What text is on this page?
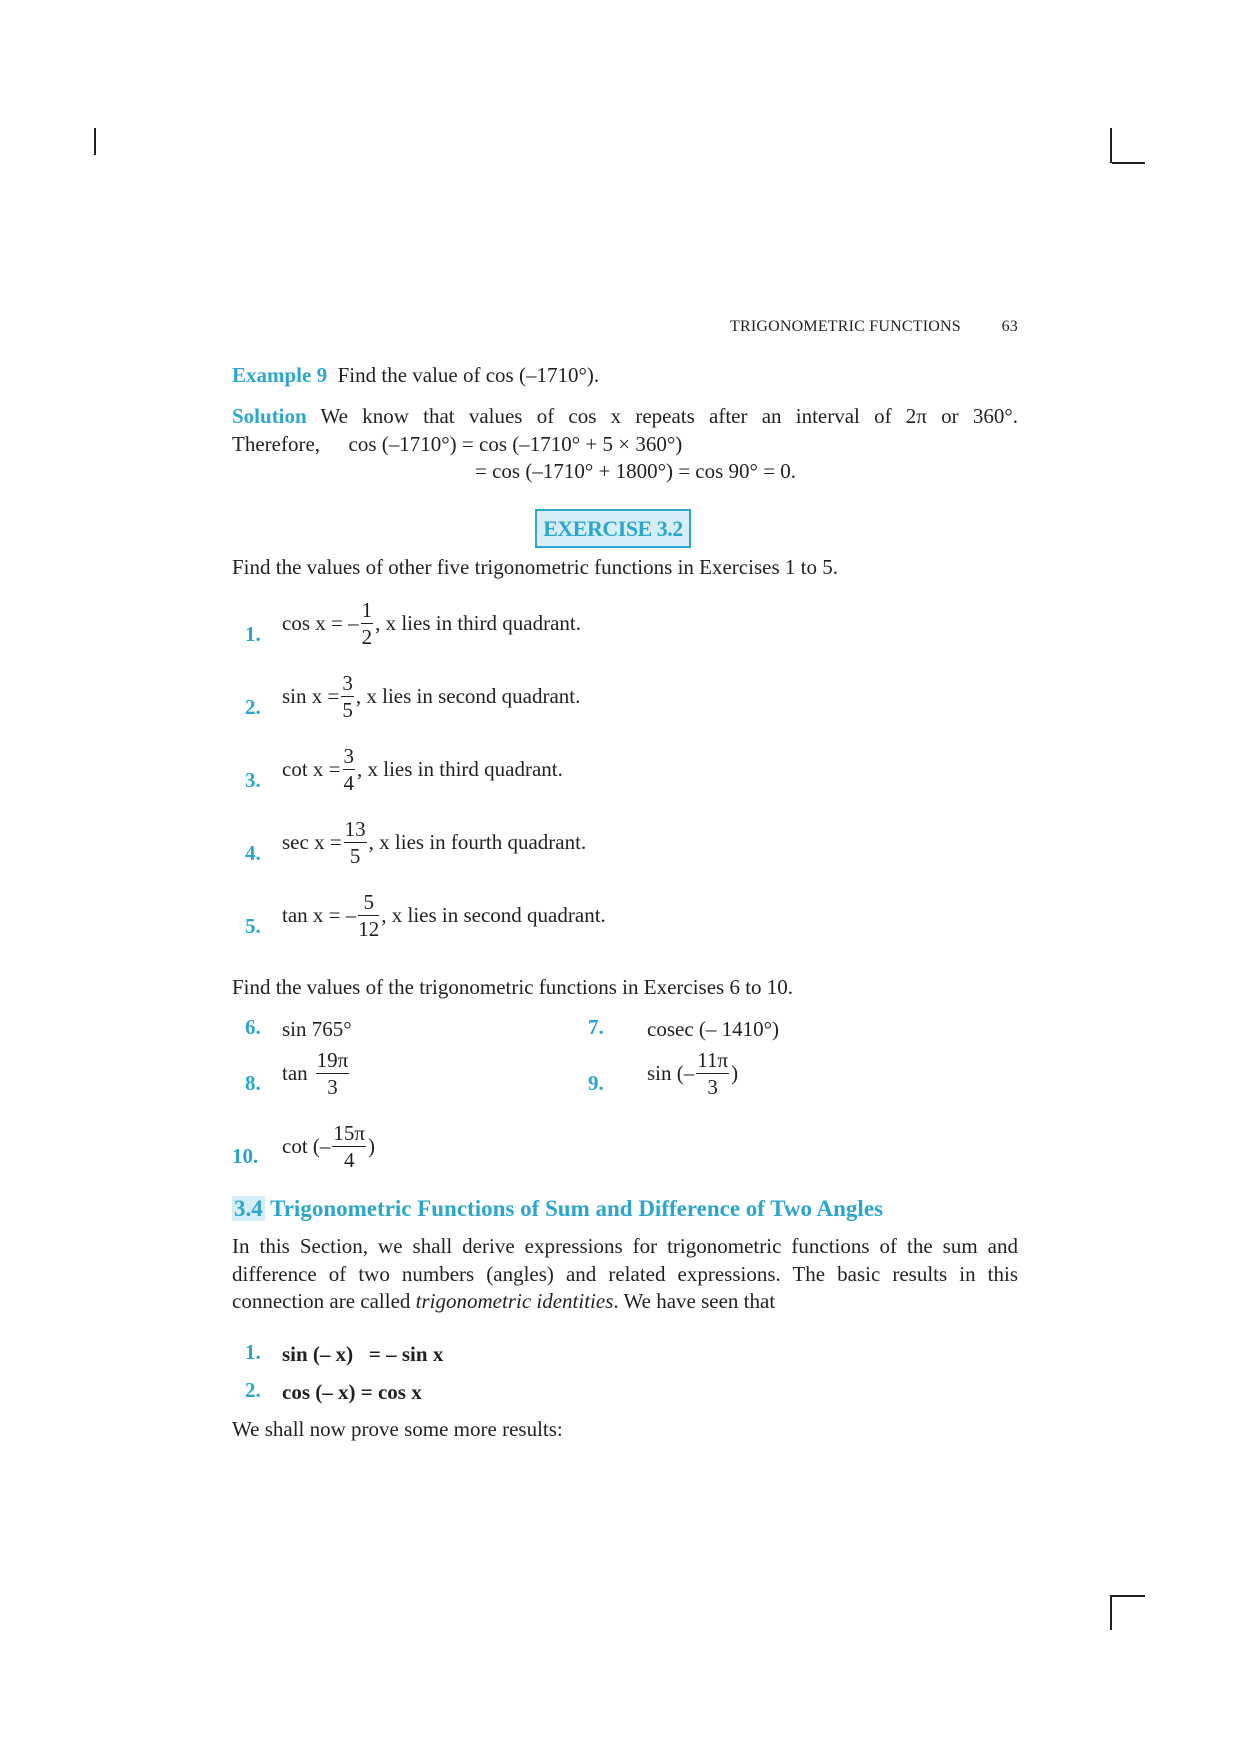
TRIGONOMETRIC FUNCTIONS	63
Example 9 Find the value of cos (–1710°).
Solution We know that values of cos x repeats after an interval of 2π or 360°.
Therefore, cos (–1710°) = cos (–1710° + 5 × 360°)
= cos (–1710° + 1800°) = cos 90° = 0.
EXERCISE 3.2
Find the values of other five trigonometric functions in Exercises 1 to 5.
1. cos x = – $\frac{1}{2}$ , x lies in third quadrant.
2. $\sin x = \frac{3}{5}$ , x lies in second quadrant.
3. $\cot x = \frac{3}{4}$ , x lies in third quadrant.
4. $\sec x = \frac{13}{5}$ , x lies in fourth quadrant.
5. tan x = – $\frac{5}{12}$ , x lies in second quadrant.
Find the values of the trigonometric functions in Exercises 6 to 10.
6. sin 765°	7. cosec (– 1410°)
8. $\tan \frac{19\pi}{3}$	9. sin (– $\frac{11\pi}{3}$ )
10. cot (– $\frac{15\pi}{4}$ )
3.4 Trigonometric Functions of Sum and Difference of Two Angles
In this Section, we shall derive expressions for trigonometric functions of the sum and
difference of two numbers (angles) and related expressions. The basic results in this
connection are called trigonometric identities. We have seen that
1. sin (– x)   = – sin x
2. cos (– x) = cos x
We shall now prove some more results:
